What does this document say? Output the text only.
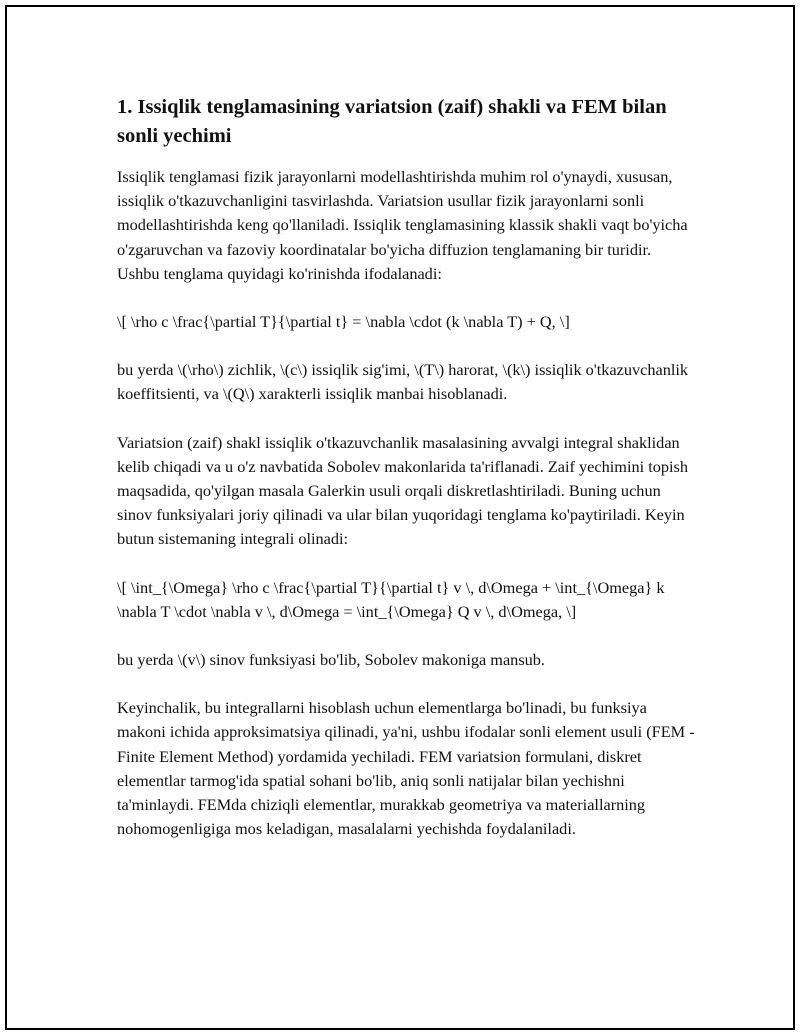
1. Issiqlik tenglamasining variatsion (zaif) shakli va FEM bilan sonli yechimi

Issiqlik tenglamasi fizik jarayonlarni modellashtirishda muhim rol o'ynaydi, xususan, issiqlik o'tkazuvchanligini tasvirlashda. Variatsion usullar fizik jarayonlarni sonli modellashtirishda keng qo'llaniladi. Issiqlik tenglamasining klassik shakli vaqt bo'yicha o'zgaruvchan va fazoviy koordinatalar bo'yicha diffuzion tenglamaning bir turidir. Ushbu tenglama quyidagi ko'rinishda ifodalanadi:

\[ \rho c \frac{\partial T}{\partial t} = \nabla \cdot (k \nabla T) + Q, \]

bu yerda \(\rho\) zichlik, \(c\) issiqlik sig'imi, \(T\) harorat, \(k\) issiqlik o'tkazuvchanlik koeffitsienti, va \(Q\) xarakterli issiqlik manbai hisoblanadi.

Variatsion (zaif) shakl issiqlik o'tkazuvchanlik masalasining avvalgi integral shaklidan kelib chiqadi va u o'z navbatida Sobolev makonlarida ta'riflanadi. Zaif yechimini topish maqsadida, qo'yilgan masala Galerkin usuli orqali diskretlashtiriladi. Buning uchun sinov funksiyalari joriy qilinadi va ular bilan yuqoridagi tenglama ko'paytiriladi. Keyin butun sistemaning integrali olinadi:

\[ \int_{\Omega} \rho c \frac{\partial T}{\partial t} v \, d\Omega + \int_{\Omega} k \nabla T \cdot \nabla v \, d\Omega = \int_{\Omega} Q v \, d\Omega, \]

bu yerda \(v\) sinov funksiyasi bo'lib, Sobolev makoniga mansub.

Keyinchalik, bu integrallarni hisoblash uchun elementlarga bo'linadi, bu funksiya makoni ichida approksimatsiya qilinadi, ya'ni, ushbu ifodalar sonli element usuli (FEM - Finite Element Method) yordamida yechiladi. FEM variatsion formulani, diskret elementlar tarmog'ida spatial sohani bo'lib, aniq sonli natijalar bilan yechishni ta'minlaydi. FEMda chiziqli elementlar, murakkab geometriya va materiallarning nohomogenligiga mos keladigan, masalalarni yechishda foydalaniladi.
